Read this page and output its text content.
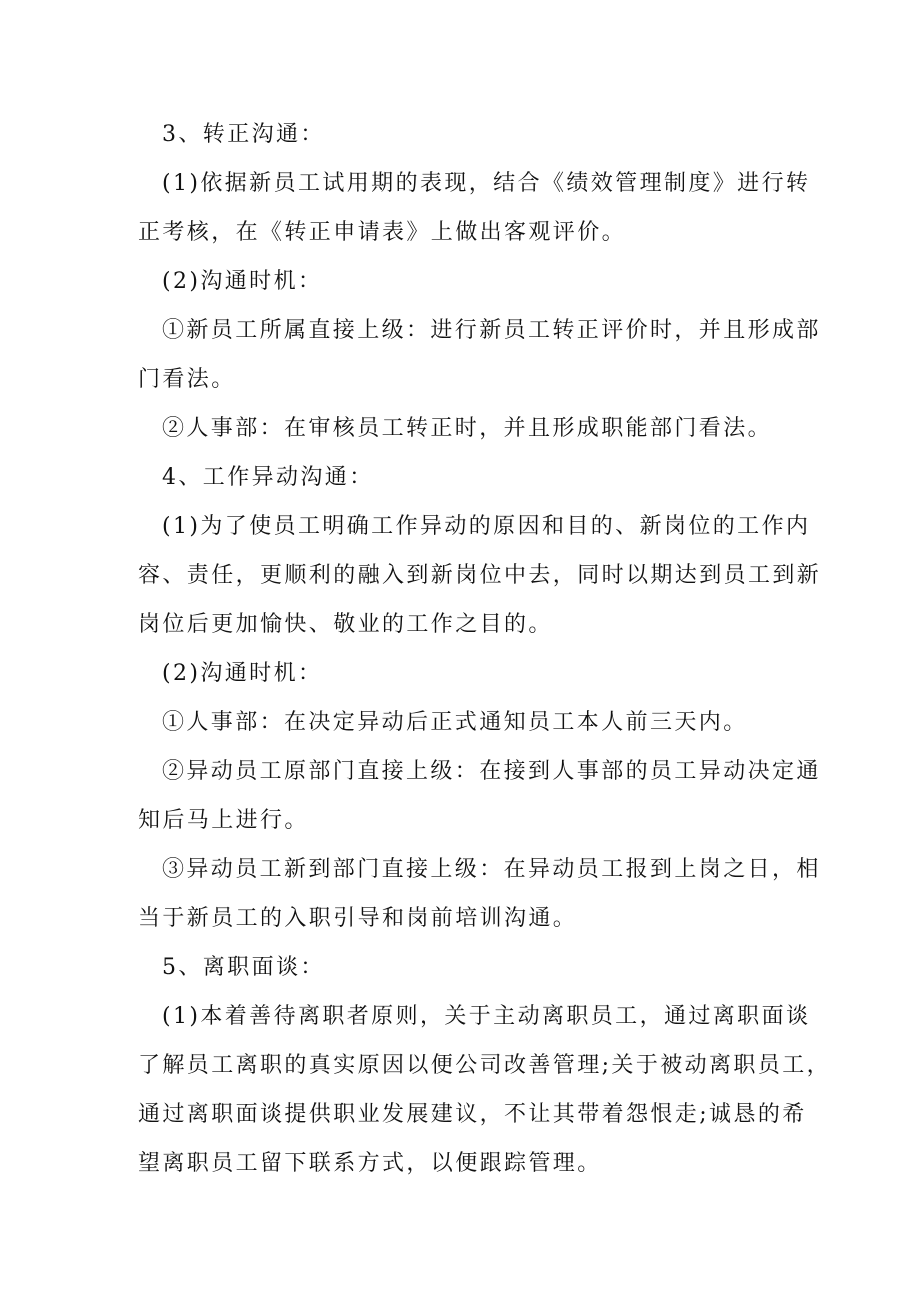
3、转正沟通：
(1)依据新员工试用期的表现，结合《绩效管理制度》进行转
正考核，在《转正申请表》上做出客观评价。
(2)沟通时机：
①新员工所属直接上级：进行新员工转正评价时，并且形成部
门看法。
②人事部：在审核员工转正时，并且形成职能部门看法。
4、工作异动沟通：
(1)为了使员工明确工作异动的原因和目的、新岗位的工作内
容、责任，更顺利的融入到新岗位中去，同时以期达到员工到新
岗位后更加愉快、敬业的工作之目的。
(2)沟通时机：
①人事部：在决定异动后正式通知员工本人前三天内。
②异动员工原部门直接上级：在接到人事部的员工异动决定通
知后马上进行。
③异动员工新到部门直接上级：在异动员工报到上岗之日，相
当于新员工的入职引导和岗前培训沟通。
5、离职面谈：
(1)本着善待离职者原则，关于主动离职员工，通过离职面谈
了解员工离职的真实原因以便公司改善管理;关于被动离职员工，
通过离职面谈提供职业发展建议，不让其带着怨恨走;诚恳的希
望离职员工留下联系方式，以便跟踪管理。
